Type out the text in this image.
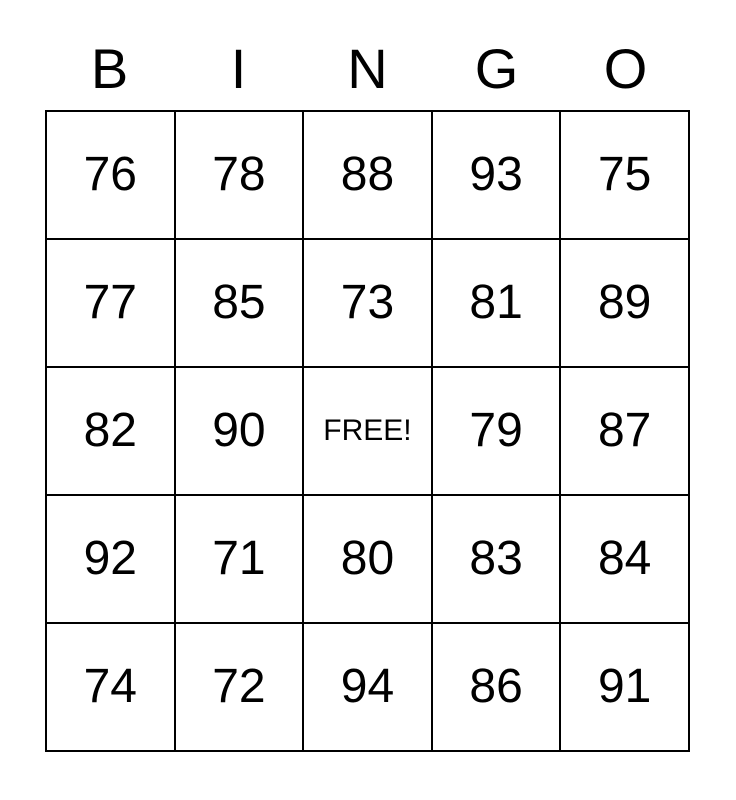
B	I	N	G	O
76	78	88	93	75
77	85	73	81	89
82	90	FREE!	79	87
92	71	80	83	84
74	72	94	86	91
